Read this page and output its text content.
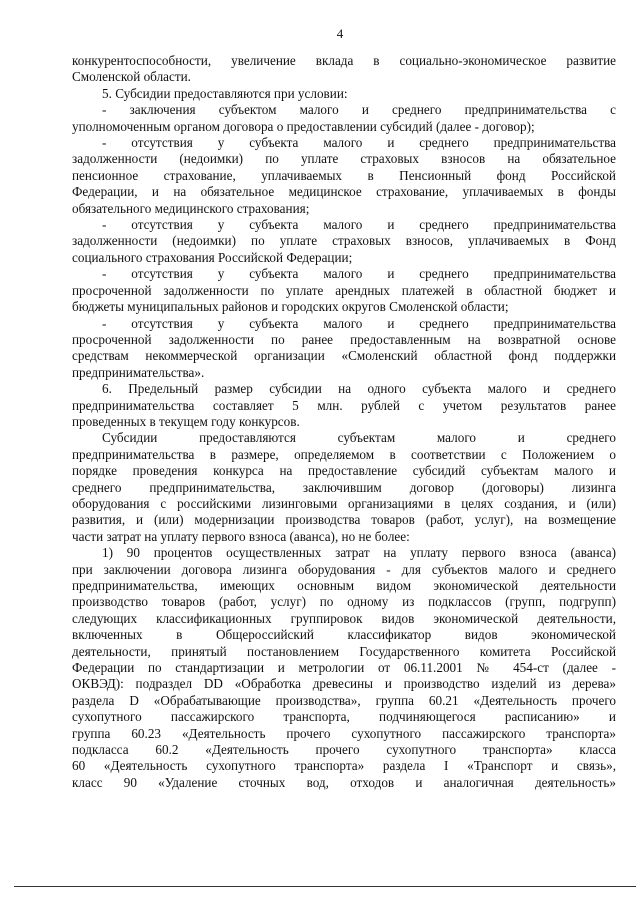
4

конкурентоспособности, увеличение вклада в социально-экономическое развитие

Смоленской области.

5. Субсидии предоставляются при условии:

- заключения субъектом малого и среднего предпринимательства с

уполномоченным органом договора о предоставлении субсидий (далее - договор);

- отсутствия у субъекта малого и среднего предпринимательства

задолженности (недоимки) по уплате страховых взносов на обязательное

пенсионное страхование, уплачиваемых в Пенсионный фонд Российской

Федерации, и на обязательное медицинское страхование, уплачиваемых в фонды

обязательного медицинского страхования;

- отсутствия у субъекта малого и среднего предпринимательства

задолженности (недоимки) по уплате страховых взносов, уплачиваемых в Фонд

социального страхования Российской Федерации;

- отсутствия у субъекта малого и среднего предпринимательства

просроченной задолженности по уплате арендных платежей в областной бюджет и

бюджеты муниципальных районов и городских округов Смоленской области;

- отсутствия у субъекта малого и среднего предпринимательства

просроченной задолженности по ранее предоставленным на возвратной основе

средствам некоммерческой организации «Смоленский областной фонд поддержки

предпринимательства».

6. Предельный размер субсидии на одного субъекта малого и среднего

предпринимательства составляет 5 млн. рублей с учетом результатов ранее

проведенных в текущем году конкурсов.

Субсидии предоставляются субъектам малого и среднего

предпринимательства в размере, определяемом в соответствии с Положением о

порядке проведения конкурса на предоставление субсидий субъектам малого и

среднего предпринимательства, заключившим договор (договоры) лизинга

оборудования с российскими лизинговыми организациями в целях создания, и (или)

развития, и (или) модернизации производства товаров (работ, услуг), на возмещение

части затрат на уплату первого взноса (аванса), но не более:

1) 90 процентов осуществленных затрат на уплату первого взноса (аванса)

при заключении договора лизинга оборудования - для субъектов малого и среднего

предпринимательства, имеющих основным видом экономической деятельности

производство товаров (работ, услуг) по одному из подклассов (групп, подгрупп)

следующих классификационных группировок видов экономической деятельности,

включенных в Общероссийский классификатор видов экономической

деятельности, принятый постановлением Государственного комитета Российской

Федерации по стандартизации и метрологии от 06.11.2001 № 454-ст (далее -

ОКВЭД): подраздел DD «Обработка древесины и производство изделий из дерева»

раздела D «Обрабатывающие производства», группа 60.21 «Деятельность прочего

сухопутного пассажирского транспорта, подчиняющегося расписанию» и

группа 60.23 «Деятельность прочего сухопутного пассажирского транспорта»

подкласса 60.2 «Деятельность прочего сухопутного транспорта» класса

60 «Деятельность сухопутного транспорта» раздела I «Транспорт и связь»,

класс 90 «Удаление сточных вод, отходов и аналогичная деятельность»
